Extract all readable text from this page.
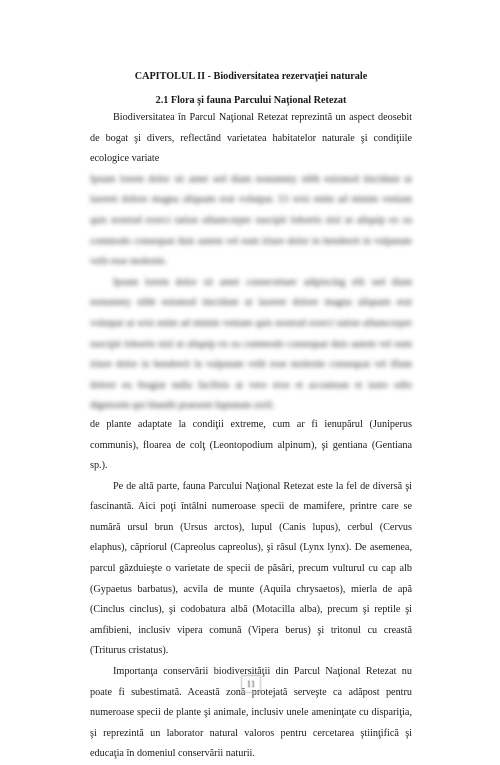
CAPITOLUL II - Biodiversitatea rezervaţiei naturale
2.1 Flora şi fauna Parcului Naţional Retezat

Biodiversitatea în Parcul Naţional Retezat reprezintă un aspect deosebit de bogat şi divers, reflectând varietatea habitatelor naturale şi condiţiile ecologice variate

Ipsum lorem dolor sit amet sed diam nonummy nibh euismod tincidunt ut laoreet dolore magna aliquam erat volutpat. Ut wisi enim ad minim veniam quis nostrud exerci tation ullamcorper suscipit lobortis nisl ut aliquip ex ea commodo consequat duis autem vel eum iriure dolor in hendrerit in vulputate velit esse molestie.

Ipsum lorem dolor sit amet consectetuer adipiscing elit sed diam nonummy nibh euismod tincidunt ut laoreet dolore magna aliquam erat volutpat ut wisi enim ad minim veniam quis nostrud exerci tation ullamcorper suscipit lobortis nisl ut aliquip ex ea commodo consequat duis autem vel eum iriure dolor in hendrerit in vulputate velit esse molestie consequat vel illum dolore eu feugiat nulla facilisis at vero eros et accumsan et iusto odio dignissim qui blandit praesent luptatum zzril.

de plante adaptate la condiţii extreme, cum ar fi ienupărul (Juniperus communis), floarea de colţ (Leontopodium alpinum), şi gentiana (Gentiana sp.).

Pe de altă parte, fauna Parcului Naţional Retezat este la fel de diversă şi fascinantă. Aici poţi întâlni numeroase specii de mamifere, printre care se numără ursul brun (Ursus arctos), lupul (Canis lupus), cerbul (Cervus elaphus), căpriorul (Capreolus capreolus), şi râsul (Lynx lynx). De asemenea, parcul găzduieşte o varietate de specii de păsări, precum vulturul cu cap alb (Gypaetus barbatus), acvila de munte (Aquila chrysaetos), mierla de apă (Cinclus cinclus), şi codobatura albă (Motacilla alba), precum şi reptile şi amfibieni, inclusiv vipera comună (Vipera berus) şi tritonul cu creastă (Triturus cristatus).

Importanţa conservării biodiversităţii din Parcul Naţional Retezat nu poate fi subestimată. Această zonă protejată serveşte ca adăpost pentru numeroase specii de plante şi animale, inclusiv unele ameninţate cu dispariţia, şi reprezintă un laborator natural valoros pentru cercetarea ştiinţifică şi educaţia în domeniul conservării naturii.

11
